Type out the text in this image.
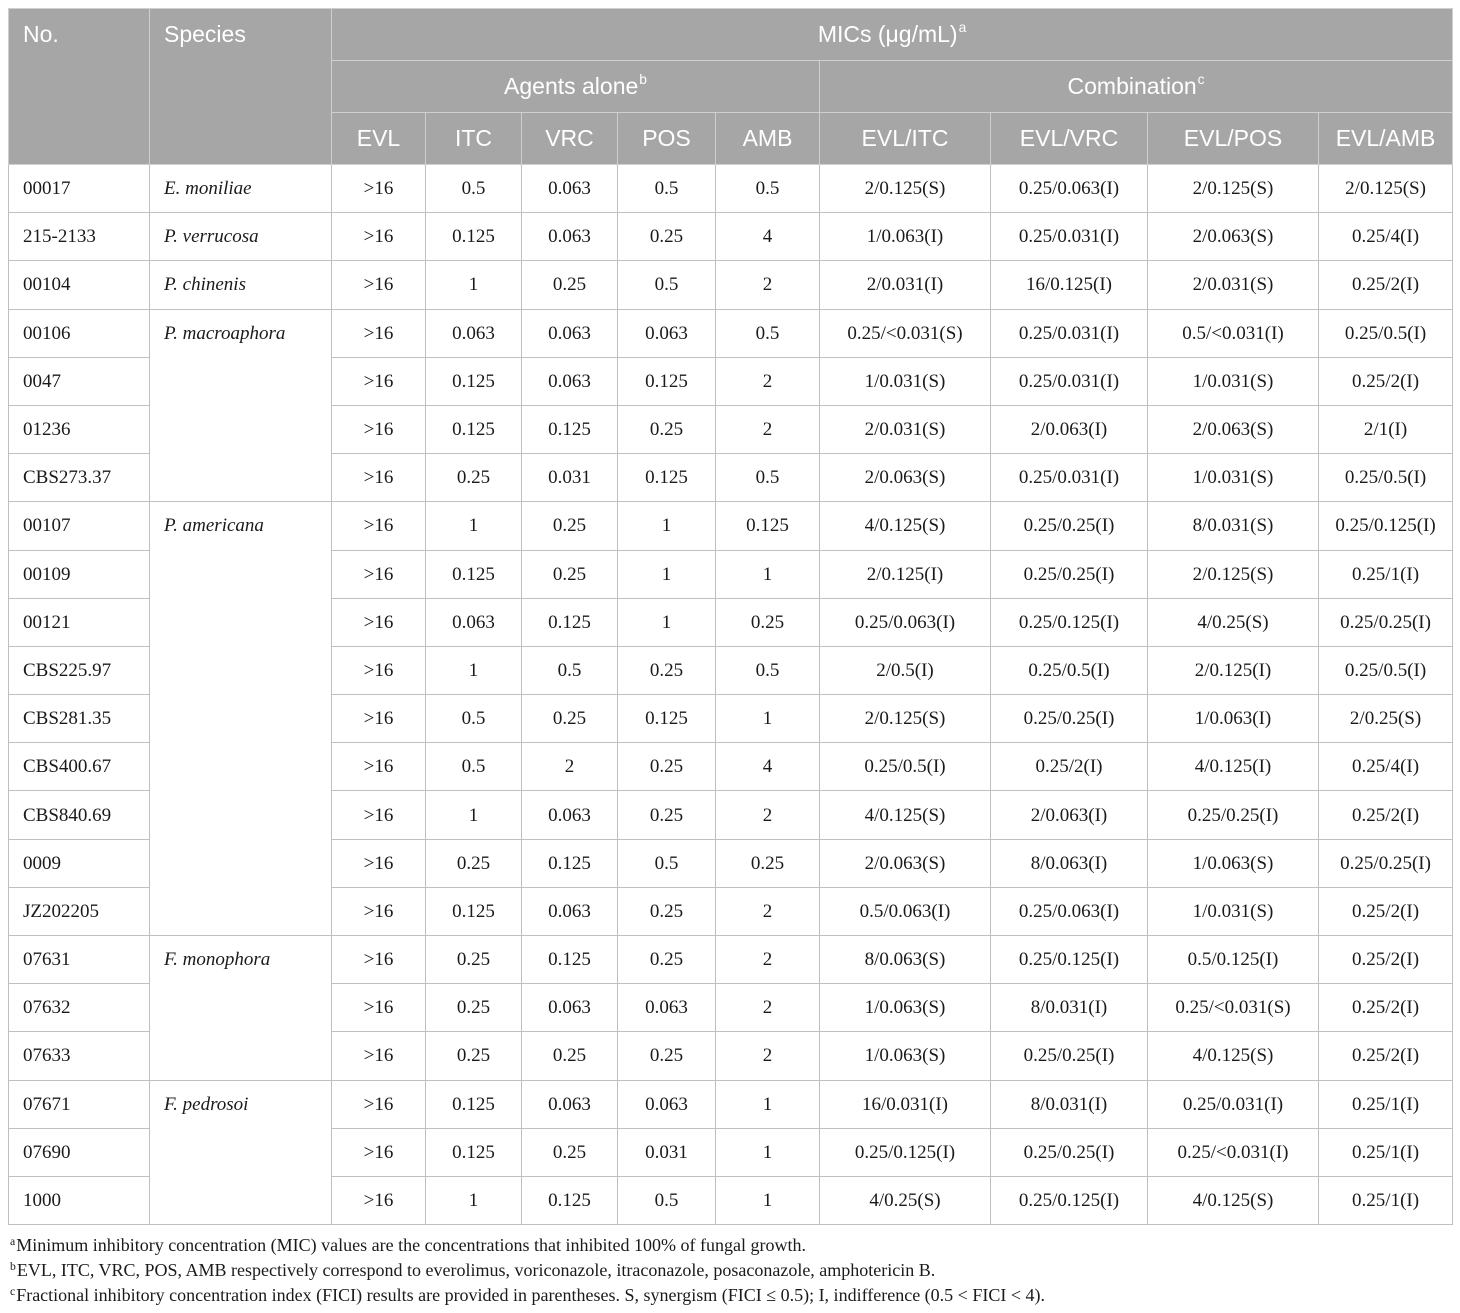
No.	Species	MICs $(\mu g/mL)^a$
		Agents alone$^b$					Combination$^c$
		EVL	ITC	VRC	POS	AMB	EVL/ITC	EVL/VRC	EVL/POS	EVL/AMB
00017	E. moniliae	>16	0.5	0.063	0.5	0.5	2/0.125(S)	0.25/0.063(I)	2/0.125(S)	2/0.125(S)
215-2133	P. verrucosa	>16	0.125	0.063	0.25	4	1/0.063(I)	0.25/0.031(I)	2/0.063(S)	0.25/4(I)
00104	P. chinenis	>16	1	0.25	0.5	2	2/0.031(I)	16/0.125(I)	2/0.031(S)	0.25/2(I)
00106	P. macroaphora	>16	0.063	0.063	0.063	0.5	0.25/<0.031(S)	0.25/0.031(I)	0.5/<0.031(I)	0.25/0.5(I)
0047		>16	0.125	0.063	0.125	2	1/0.031(S)	0.25/0.031(I)	1/0.031(S)	0.25/2(I)
01236		>16	0.125	0.125	0.25	2	2/0.031(S)	2/0.063(I)	2/0.063(S)	2/1(I)
CBS273.37		>16	0.25	0.031	0.125	0.5	2/0.063(S)	0.25/0.031(I)	1/0.031(S)	0.25/0.5(I)
00107	P. americana	>16	1	0.25	1	0.125	4/0.125(S)	0.25/0.25(I)	8/0.031(S)	0.25/0.125(I)
00109		>16	0.125	0.25	1	1	2/0.125(I)	0.25/0.25(I)	2/0.125(S)	0.25/1(I)
00121		>16	0.063	0.125	1	0.25	0.25/0.063(I)	0.25/0.125(I)	4/0.25(S)	0.25/0.25(I)
CBS225.97		>16	1	0.5	0.25	0.5	2/0.5(I)	0.25/0.5(I)	2/0.125(I)	0.25/0.5(I)
CBS281.35		>16	0.5	0.25	0.125	1	2/0.125(S)	0.25/0.25(I)	1/0.063(I)	2/0.25(S)
CBS400.67		>16	0.5	2	0.25	4	0.25/0.5(I)	0.25/2(I)	4/0.125(I)	0.25/4(I)
CBS840.69		>16	1	0.063	0.25	2	4/0.125(S)	2/0.063(I)	0.25/0.25(I)	0.25/2(I)
0009		>16	0.25	0.125	0.5	0.25	2/0.063(S)	8/0.063(I)	1/0.063(S)	0.25/0.25(I)
JZ202205		>16	0.125	0.063	0.25	2	0.5/0.063(I)	0.25/0.063(I)	1/0.031(S)	0.25/2(I)
07631	F. monophora	>16	0.25	0.125	0.25	2	8/0.063(S)	0.25/0.125(I)	0.5/0.125(I)	0.25/2(I)
07632		>16	0.25	0.063	0.063	2	1/0.063(S)	8/0.031(I)	0.25/<0.031(S)	0.25/2(I)
07633		>16	0.25	0.25	0.25	2	1/0.063(S)	0.25/0.25(I)	4/0.125(S)	0.25/2(I)
07671	F. pedrosoi	>16	0.125	0.063	0.063	1	16/0.031(I)	8/0.031(I)	0.25/0.031(I)	0.25/1(I)
07690		>16	0.125	0.25	0.031	1	0.25/0.125(I)	0.25/0.25(I)	0.25/<0.031(I)	0.25/1(I)
1000		>16	1	0.125	0.5	1	4/0.25(S)	0.25/0.125(I)	4/0.125(S)	0.25/1(I)
$^a$Minimum inhibitory concentration (MIC) values are the concentrations that inhibited 100% of fungal growth.
$^b$EVL, ITC, VRC, POS, AMB respectively correspond to everolimus, voriconazole, itraconazole, posaconazole, amphotericin B.
$^c$Fractional inhibitory concentration index (FICI) results are provided in parentheses. S, synergism (FICI ≤ 0.5); I, indifference (0.5 < FICI < 4).
